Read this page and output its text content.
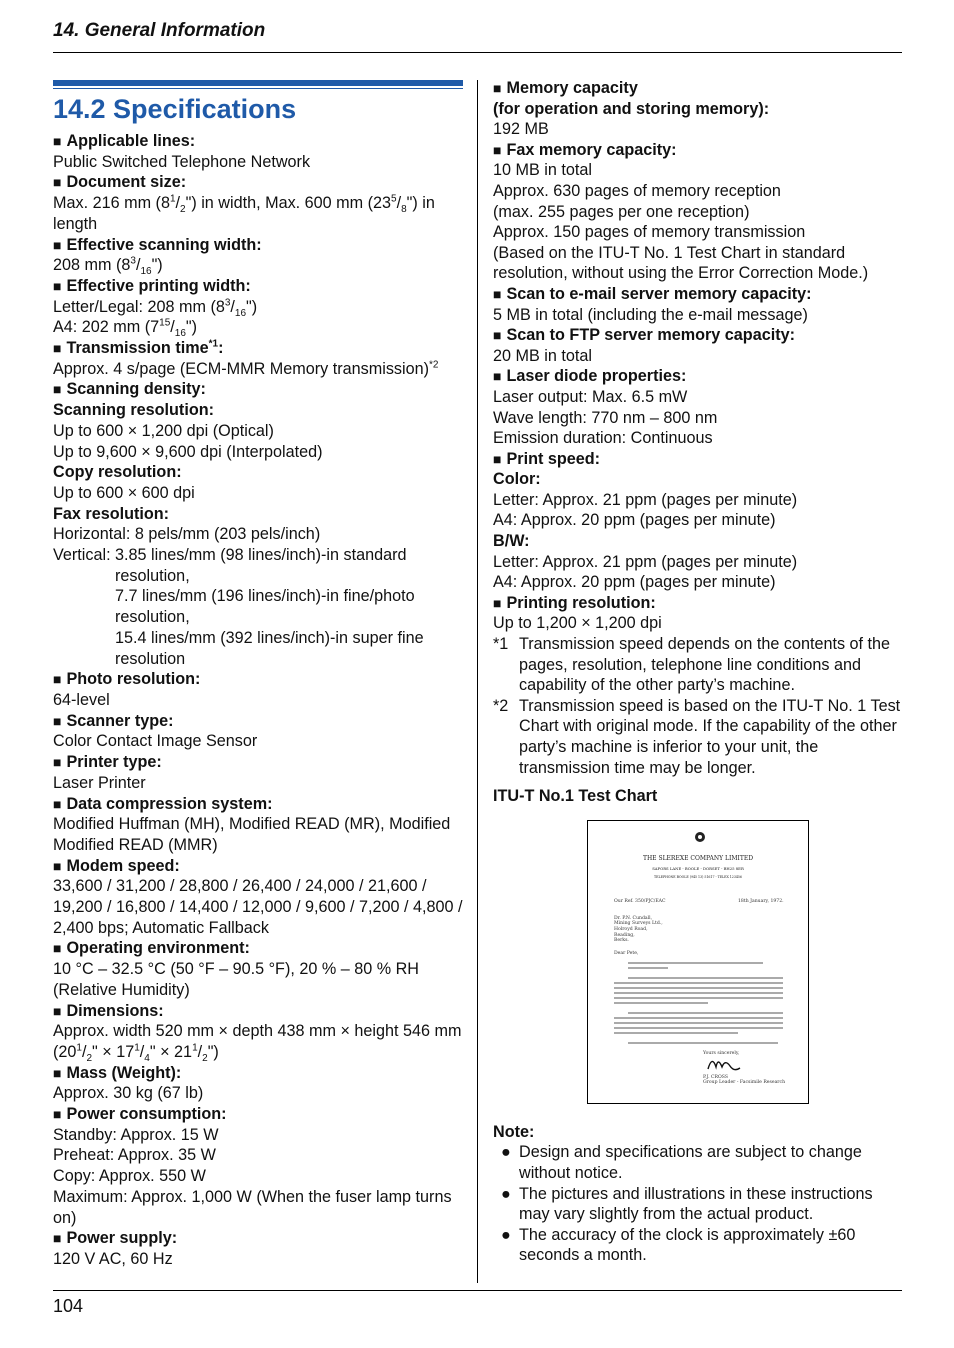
14. General Information
14.2 Specifications
■ Applicable lines:
Public Switched Telephone Network
■ Document size:
Max. 216 mm $(8^1/_2")$ in width, Max. 600 mm $(23^5/_8")$ in length
■ Effective scanning width:
208 mm $(8^3/_{16}")$
■ Effective printing width:
Letter/Legal: 208 mm $(8^3/_{16}")$
A4: 202 mm $(7^{15}/_{16}")$
■ Transmission time$^{*1}$:
Approx. 4 s/page (ECM-MMR Memory transmission)$^{*2}$
■ Scanning density:
Scanning resolution:
Up to 600 × 1,200 dpi (Optical)
Up to 9,600 × 9,600 dpi (Interpolated)
Copy resolution:
Up to 600 × 600 dpi
Fax resolution:
Horizontal: 8 pels/mm (203 pels/inch)
Vertical: 3.85 lines/mm (98 lines/inch)-in standard resolution,
7.7 lines/mm (196 lines/inch)-in fine/photo resolution,
15.4 lines/mm (392 lines/inch)-in super fine resolution
■ Photo resolution:
64-level
■ Scanner type:
Color Contact Image Sensor
■ Printer type:
Laser Printer
■ Data compression system:
Modified Huffman (MH), Modified READ (MR), Modified Modified READ (MMR)
■ Modem speed:
33,600 / 31,200 / 28,800 / 26,400 / 24,000 / 21,600 / 19,200 / 16,800 / 14,400 / 12,000 / 9,600 / 7,200 / 4,800 / 2,400 bps; Automatic Fallback
■ Operating environment:
10 °C – 32.5 °C (50 °F – 90.5 °F), 20 % – 80 % RH (Relative Humidity)
■ Dimensions:
Approx. width 520 mm × depth 438 mm × height 546 mm
($20^1/_2$" × $17^1/_4$" × $21^1/_2$")
■ Mass (Weight):
Approx. 30 kg (67 lb)
■ Power consumption:
Standby: Approx. 15 W
Preheat: Approx. 35 W
Copy: Approx. 550 W
Maximum: Approx. 1,000 W (When the fuser lamp turns on)
■ Power supply:
120 V AC, 60 Hz
■ Memory capacity
(for operation and storing memory):
192 MB
■ Fax memory capacity:
10 MB in total
Approx. 630 pages of memory reception
(max. 255 pages per one reception)
Approx. 150 pages of memory transmission
(Based on the ITU-T No. 1 Test Chart in standard resolution, without using the Error Correction Mode.)
■ Scan to e-mail server memory capacity:
5 MB in total (including the e-mail message)
■ Scan to FTP server memory capacity:
20 MB in total
■ Laser diode properties:
Laser output: Max. 6.5 mW
Wave length: 770 nm – 800 nm
Emission duration: Continuous
■ Print speed:
Color:
Letter: Approx. 21 ppm (pages per minute)
A4: Approx. 20 ppm (pages per minute)
B/W:
Letter: Approx. 21 ppm (pages per minute)
A4: Approx. 20 ppm (pages per minute)
■ Printing resolution:
Up to 1,200 × 1,200 dpi
*1 Transmission speed depends on the contents of the pages, resolution, telephone line conditions and capability of the other party’s machine.
*2 Transmission speed is based on the ITU-T No. 1 Test Chart with original mode. If the capability of the other party’s machine is inferior to your unit, the transmission time may be longer.
ITU-T No.1 Test Chart
THE SLEREXE COMPANY LIMITED
SAPORS LANE - BOOLE - DORSET - BH25 8ER
TELEPHONE BOOLE (945 13) 51617 - TELEX 123456
Our Ref. 350/PJC/EAC	18th January, 1972.
Dr. P.N. Cundall,
Mining Surveys Ltd.,
Holroyd Road,
Reading,
Berks.
Dear Pete,
Yours sincerely,
P.J. CROSS
Group Leader - Facsimile Research
Note:
● Design and specifications are subject to change without notice.
● The pictures and illustrations in these instructions may vary slightly from the actual product.
● The accuracy of the clock is approximately ±60 seconds a month.
104
